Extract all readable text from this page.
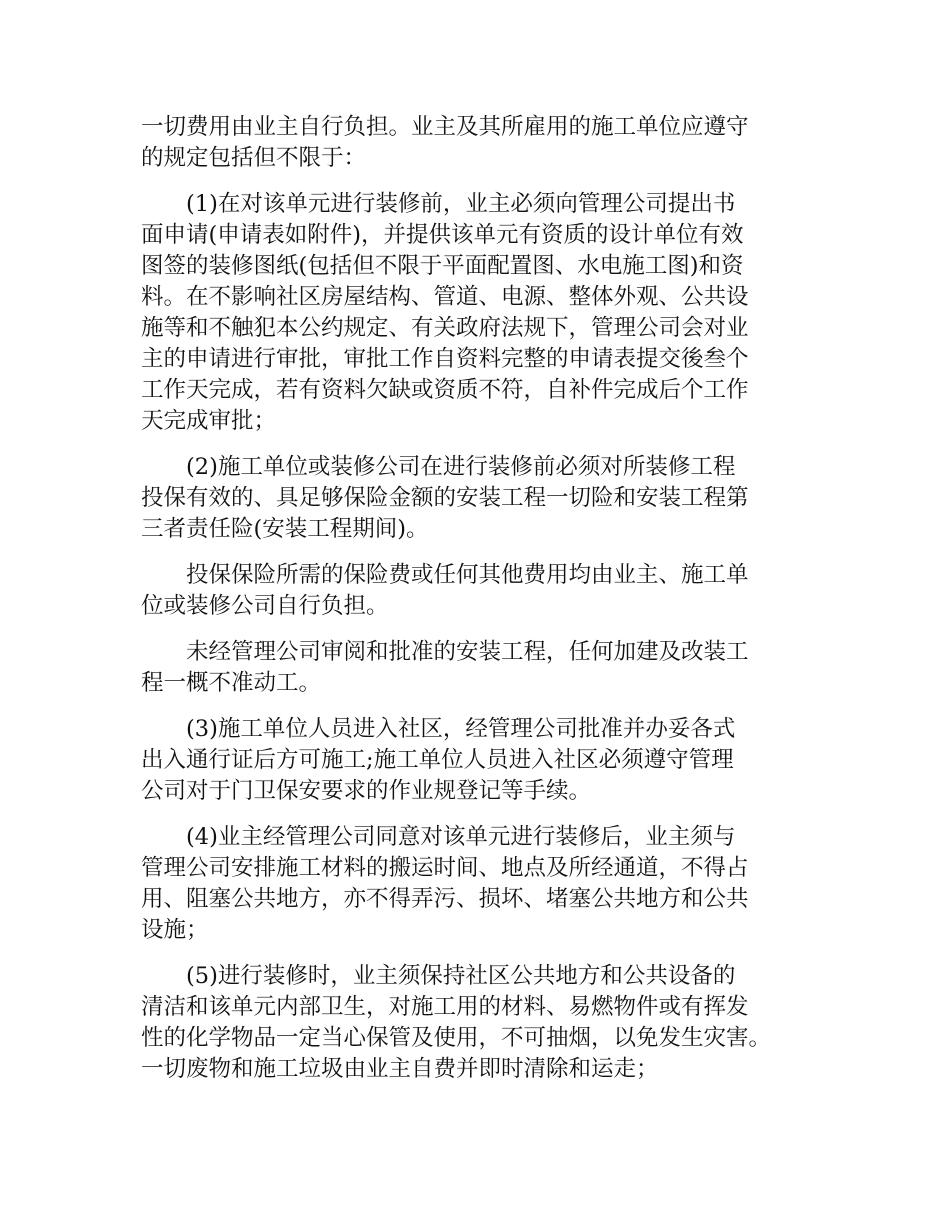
一切费用由业主自行负担。业主及其所雇用的施工单位应遵守
的规定包括但不限于：
(1)在对该单元进行装修前，业主必须向管理公司提出书
面申请(申请表如附件)，并提供该单元有资质的设计单位有效
图签的装修图纸(包括但不限于平面配置图、水电施工图)和资
料。在不影响社区房屋结构、管道、电源、整体外观、公共设
施等和不触犯本公约规定、有关政府法规下，管理公司会对业
主的申请进行审批，审批工作自资料完整的申请表提交後叁个
工作天完成，若有资料欠缺或资质不符，自补件完成后个工作
天完成审批；
(2)施工单位或装修公司在进行装修前必须对所装修工程
投保有效的、具足够保险金额的安装工程一切险和安装工程第
三者责任险(安装工程期间)。
投保保险所需的保险费或任何其他费用均由业主、施工单
位或装修公司自行负担。
未经管理公司审阅和批准的安装工程，任何加建及改装工
程一概不准动工。
(3)施工单位人员进入社区，经管理公司批准并办妥各式
出入通行证后方可施工;施工单位人员进入社区必须遵守管理
公司对于门卫保安要求的作业规登记等手续。
(4)业主经管理公司同意对该单元进行装修后，业主须与
管理公司安排施工材料的搬运时间、地点及所经通道，不得占
用、阻塞公共地方，亦不得弄污、损坏、堵塞公共地方和公共
设施；
(5)进行装修时，业主须保持社区公共地方和公共设备的
清洁和该单元内部卫生，对施工用的材料、易燃物件或有挥发
性的化学物品一定当心保管及使用，不可抽烟，以免发生灾害。
一切废物和施工垃圾由业主自费并即时清除和运走；
